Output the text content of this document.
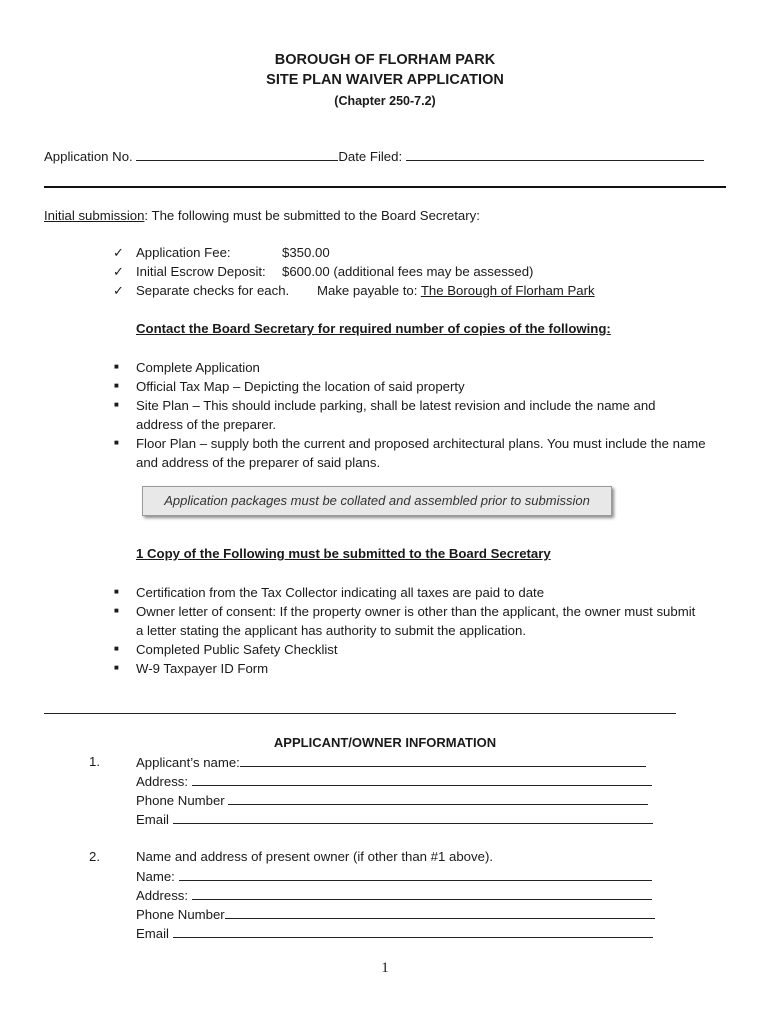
BOROUGH OF FLORHAM PARK
SITE PLAN WAIVER APPLICATION
(Chapter 250-7.2)
Application No.	Date Filed:
Initial submission: The following must be submitted to the Board Secretary:
✓ Application Fee:	$350.00
✓ Initial Escrow Deposit: $600.00 (additional fees may be assessed)
✓ Separate checks for each. Make payable to: The Borough of Florham Park
Contact the Board Secretary for required number of copies of the following:
■ Complete Application
■ Official Tax Map – Depicting the location of said property
■ Site Plan – This should include parking, shall be latest revision and include the name and address of the preparer.
■ Floor Plan – supply both the current and proposed architectural plans. You must include the name and address of the preparer of said plans.
Application packages must be collated and assembled prior to submission
1 Copy of the Following must be submitted to the Board Secretary
■ Certification from the Tax Collector indicating all taxes are paid to date
■ Owner letter of consent: If the property owner is other than the applicant, the owner must submit a letter stating the applicant has authority to submit the application.
■ Completed Public Safety Checklist
■ W-9 Taxpayer ID Form
APPLICANT/OWNER INFORMATION
1.	Applicant’s name:
Address:
Phone Number
Email
2.	Name and address of present owner (if other than #1 above).
Name:
Address:
Phone Number
Email
1
